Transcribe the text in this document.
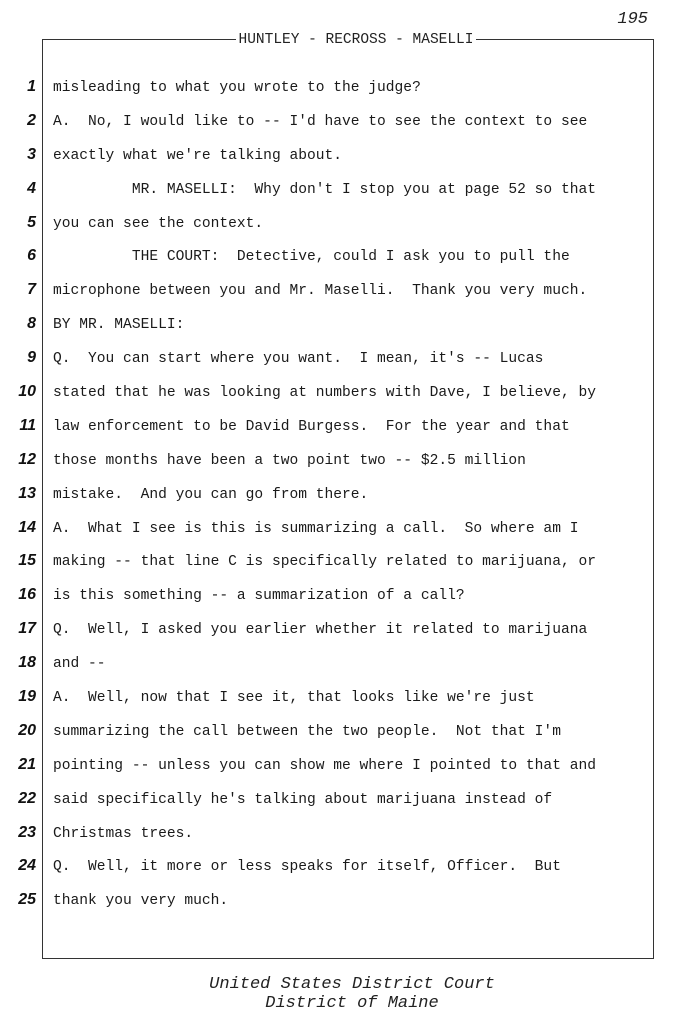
195
HUNTLEY - RECROSS - MASELLI
1 misleading to what you wrote to the judge?
2 A.  No, I would like to -- I'd have to see the context to see
3 exactly what we're talking about.
4 MR. MASELLI:  Why don't I stop you at page 52 so that
5 you can see the context.
6 THE COURT:  Detective, could I ask you to pull the
7 microphone between you and Mr. Maselli.  Thank you very much.
8 BY MR. MASELLI:
9 Q.  You can start where you want.  I mean, it's -- Lucas
10 stated that he was looking at numbers with Dave, I believe, by
11 law enforcement to be David Burgess.  For the year and that
12 those months have been a two point two -- $2.5 million
13 mistake.  And you can go from there.
14 A.  What I see is this is summarizing a call.  So where am I
15 making -- that line C is specifically related to marijuana, or
16 is this something -- a summarization of a call?
17 Q.  Well, I asked you earlier whether it related to marijuana
18 and --
19 A.  Well, now that I see it, that looks like we're just
20 summarizing the call between the two people.  Not that I'm
21 pointing -- unless you can show me where I pointed to that and
22 said specifically he's talking about marijuana instead of
23 Christmas trees.
24 Q.  Well, it more or less speaks for itself, Officer.  But
25 thank you very much.
United States District Court
District of Maine
